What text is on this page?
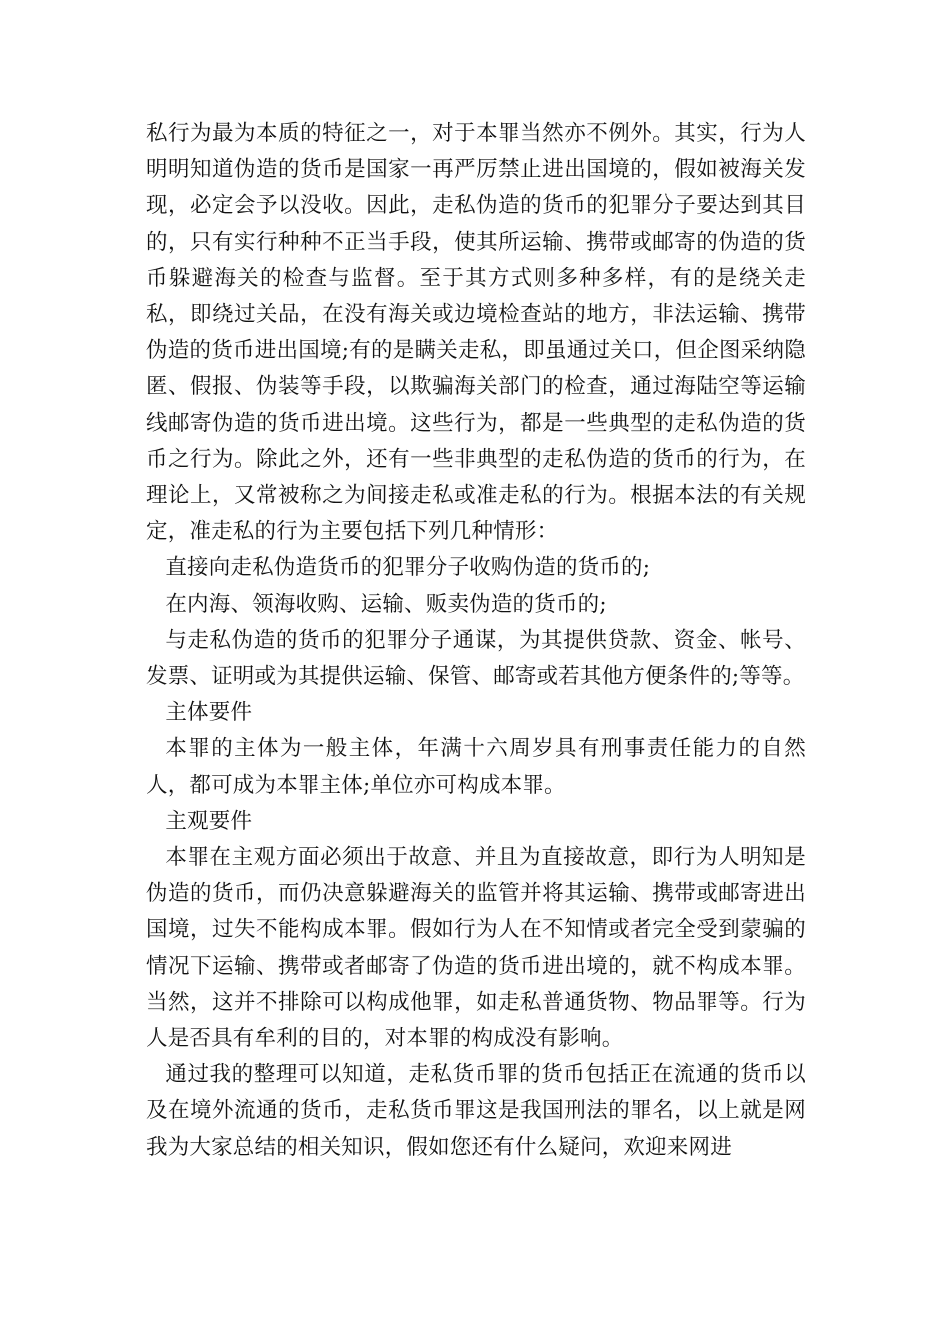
私行为最为本质的特征之一，对于本罪当然亦不例外。其实，行为人明明知道伪造的货币是国家一再严厉禁止进出国境的，假如被海关发现，必定会予以没收。因此，走私伪造的货币的犯罪分子要达到其目的，只有实行种种不正当手段，使其所运输、携带或邮寄的伪造的货币躲避海关的检查与监督。至于其方式则多种多样，有的是绕关走私，即绕过关品，在没有海关或边境检查站的地方，非法运输、携带伪造的货币进出国境;有的是瞒关走私，即虽通过关口，但企图采纳隐匿、假报、伪装等手段，以欺骗海关部门的检查，通过海陆空等运输线邮寄伪造的货币进出境。这些行为，都是一些典型的走私伪造的货币之行为。除此之外，还有一些非典型的走私伪造的货币的行为，在理论上，又常被称之为间接走私或准走私的行为。根据本法的有关规定，准走私的行为主要包括下列几种情形：

直接向走私伪造货币的犯罪分子收购伪造的货币的;

在内海、领海收购、运输、贩卖伪造的货币的;

与走私伪造的货币的犯罪分子通谋，为其提供贷款、资金、帐号、发票、证明或为其提供运输、保管、邮寄或若其他方便条件的;等等。

主体要件

本罪的主体为一般主体，年满十六周岁具有刑事责任能力的自然人，都可成为本罪主体;单位亦可构成本罪。

主观要件

本罪在主观方面必须出于故意、并且为直接故意，即行为人明知是伪造的货币，而仍决意躲避海关的监管并将其运输、携带或邮寄进出国境，过失不能构成本罪。假如行为人在不知情或者完全受到蒙骗的情况下运输、携带或者邮寄了伪造的货币进出境的，就不构成本罪。当然，这并不排除可以构成他罪，如走私普通货物、物品罪等。行为人是否具有牟利的目的，对本罪的构成没有影响。

通过我的整理可以知道，走私货币罪的货币包括正在流通的货币以及在境外流通的货币，走私货币罪这是我国刑法的罪名，以上就是网我为大家总结的相关知识，假如您还有什么疑问，欢迎来网进
